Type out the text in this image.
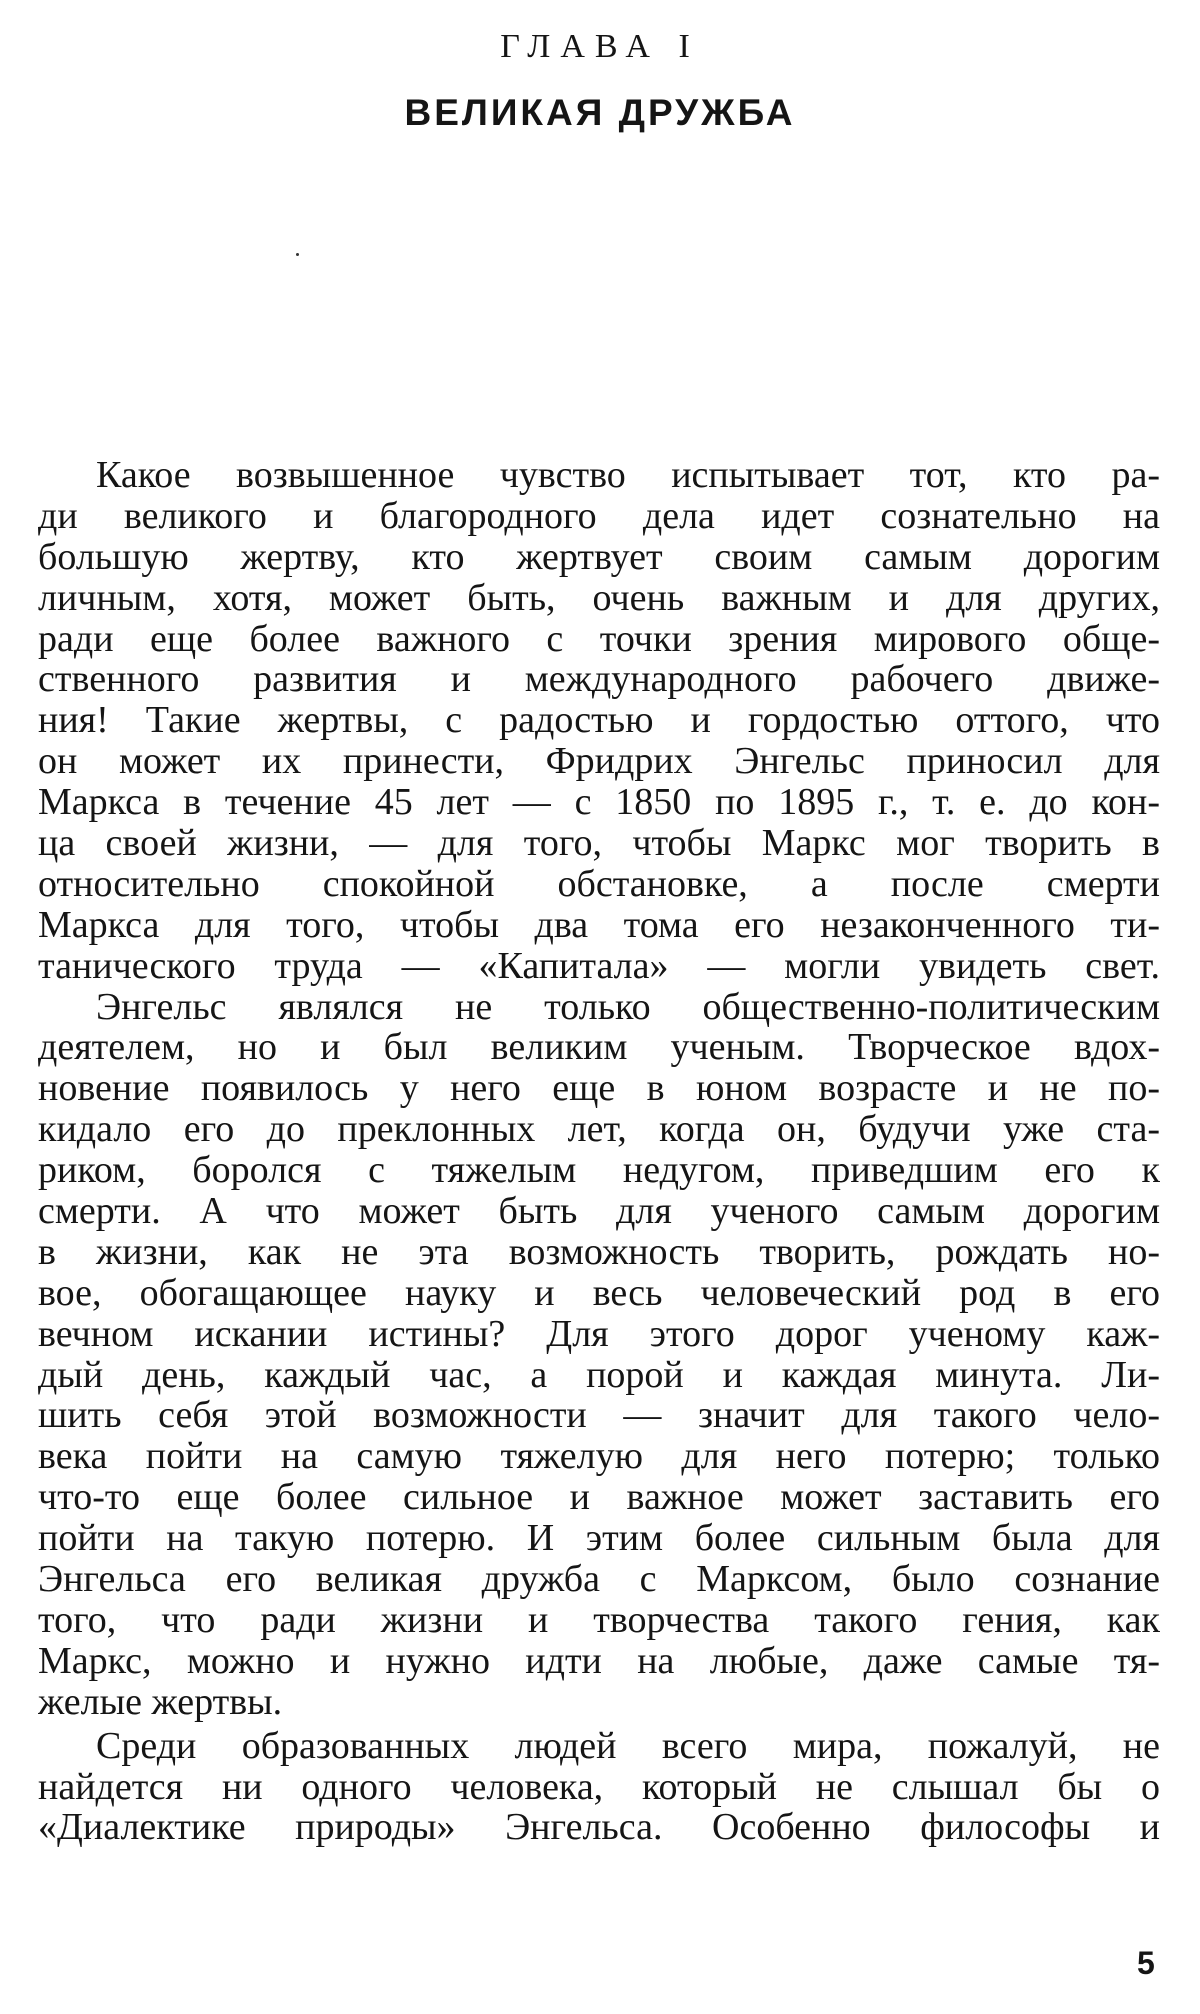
ГЛАВА I
ВЕЛИКАЯ ДРУЖБА
Какое возвышенное чувство испытывает тот, кто ра-
ди великого и благородного дела идет сознательно на
большую жертву, кто жертвует своим самым дорогим
личным, хотя, может быть, очень важным и для других,
ради еще более важного с точки зрения мирового обще-
ственного развития и международного рабочего движе-
ния! Такие жертвы, с радостью и гордостью оттого, что
он может их принести, Фридрих Энгельс приносил для
Маркса в течение 45 лет — с 1850 по 1895 г., т. е. до кон-
ца своей жизни, — для того, чтобы Маркс мог творить в
относительно спокойной обстановке, а после смерти
Маркса для того, чтобы два тома его незаконченного ти-
танического труда — «Капитала» — могли увидеть свет.
Энгельс являлся не только общественно-политическим
деятелем, но и был великим ученым. Творческое вдох-
новение появилось у него еще в юном возрасте и не по-
кидало его до преклонных лет, когда он, будучи уже ста-
риком, боролся с тяжелым недугом, приведшим его к
смерти. А что может быть для ученого самым дорогим
в жизни, как не эта возможность творить, рождать но-
вое, обогащающее науку и весь человеческий род в его
вечном искании истины? Для этого дорог ученому каж-
дый день, каждый час, а порой и каждая минута. Ли-
шить себя этой возможности — значит для такого чело-
века пойти на самую тяжелую для него потерю; только
что-то еще более сильное и важное может заставить его
пойти на такую потерю. И этим более сильным была для
Энгельса его великая дружба с Марксом, было сознание
того, что ради жизни и творчества такого гения, как
Маркс, можно и нужно идти на любые, даже самые тя-
желые жертвы.
Среди образованных людей всего мира, пожалуй, не
найдется ни одного человека, который не слышал бы о
«Диалектике природы» Энгельса. Особенно философы и
5
